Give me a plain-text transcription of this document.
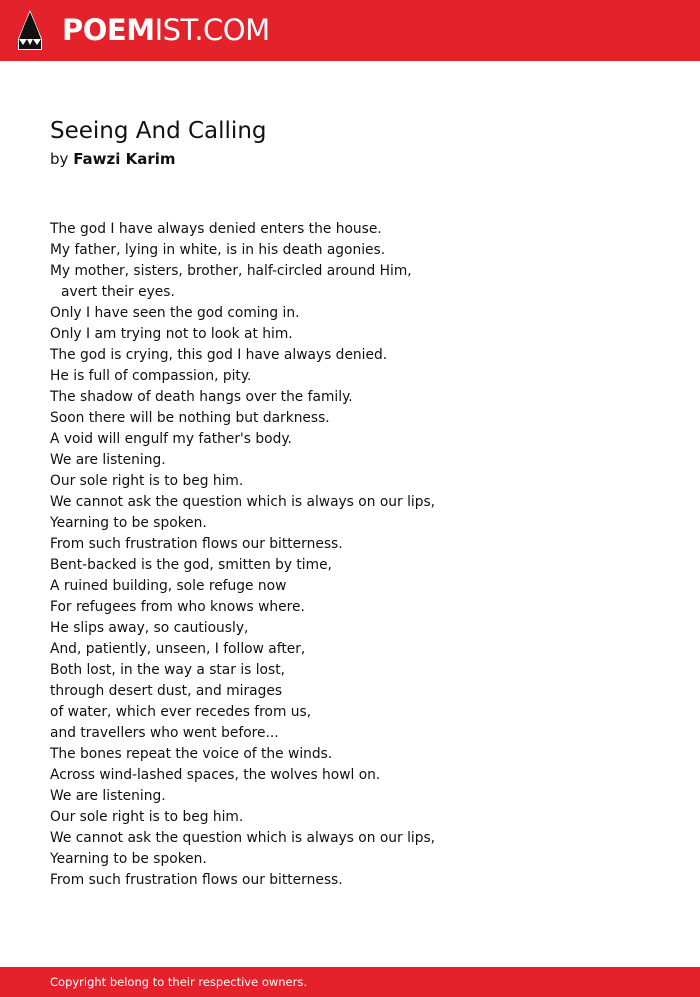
POEMIST.COM
Seeing And Calling
by Fawzi Karim
The god I have always denied enters the house.
My father, lying in white, is in his death agonies.
My mother, sisters, brother, half-circled around Him,
avert their eyes.
Only I have seen the god coming in.
Only I am trying not to look at him.
The god is crying, this god I have always denied.
He is full of compassion, pity.
The shadow of death hangs over the family.
Soon there will be nothing but darkness.
A void will engulf my father's body.
We are listening.
Our sole right is to beg him.
We cannot ask the question which is always on our lips,
Yearning to be spoken.
From such frustration flows our bitterness.
Bent-backed is the god, smitten by time,
A ruined building, sole refuge now
For refugees from who knows where.
He slips away, so cautiously,
And, patiently, unseen, I follow after,
Both lost, in the way a star is lost,
through desert dust, and mirages
of water, which ever recedes from us,
and travellers who went before...
The bones repeat the voice of the winds.
Across wind-lashed spaces, the wolves howl on.
We are listening.
Our sole right is to beg him.
We cannot ask the question which is always on our lips,
Yearning to be spoken.
From such frustration flows our bitterness.
Copyright belong to their respective owners.
